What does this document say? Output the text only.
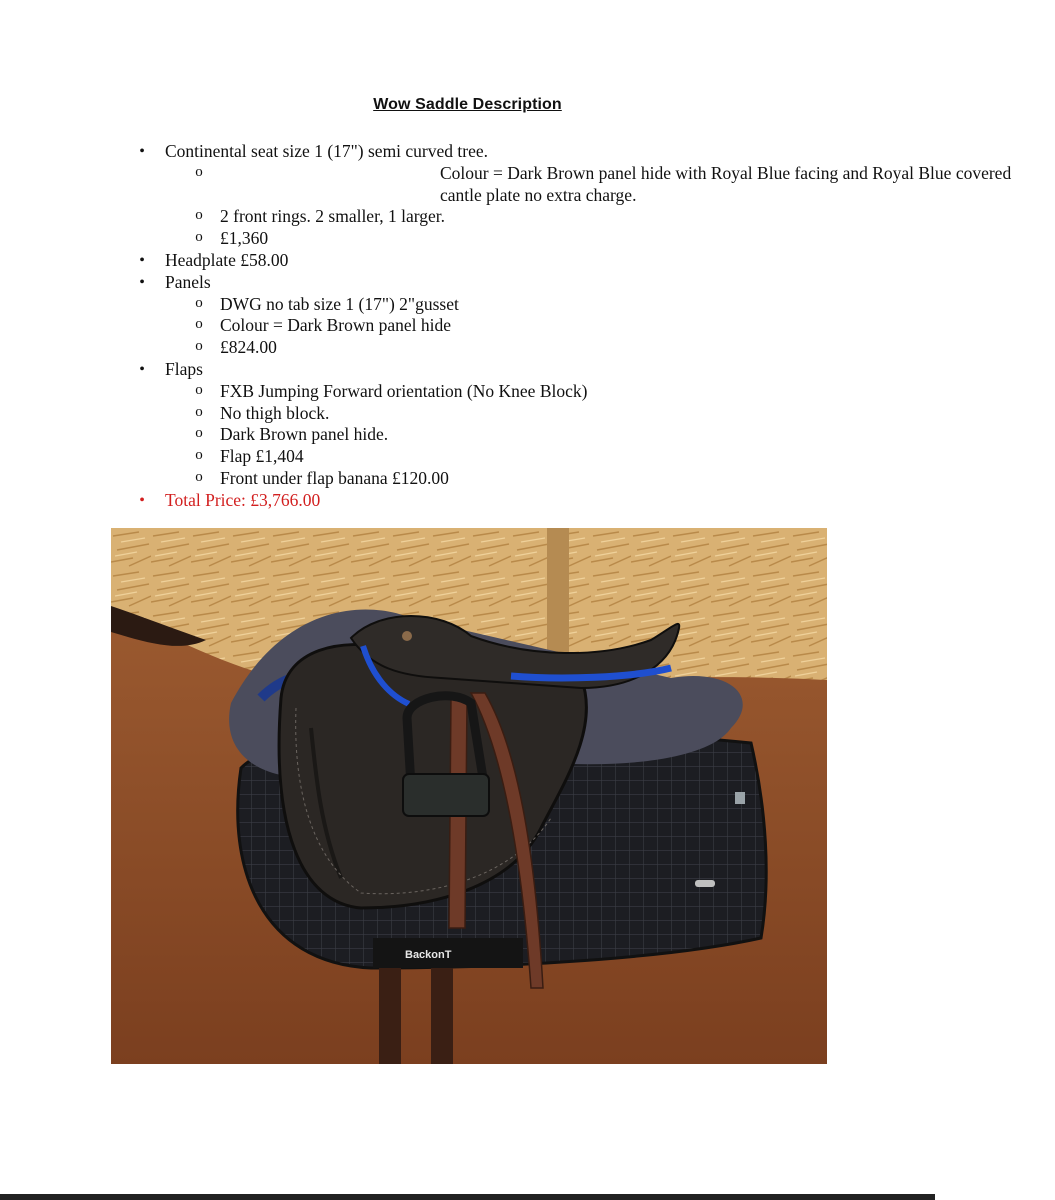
Wow Saddle Description
• Continental seat size 1 (17") semi curved tree.
o	Colour = Dark Brown panel hide with Royal Blue facing and Royal Blue covered cantle plate no extra charge.
o 2 front rings. 2 smaller, 1 larger.
o £1,360
• Headplate £58.00
• Panels
o DWG no tab size 1 (17") 2"gusset
o Colour = Dark Brown panel hide
o £824.00
• Flaps
o FXB Jumping Forward orientation (No Knee Block)
o No thigh block.
o Dark Brown panel hide.
o Flap £1,404
o Front under flap banana £120.00
• Total Price: £3,766.00
BackonT
